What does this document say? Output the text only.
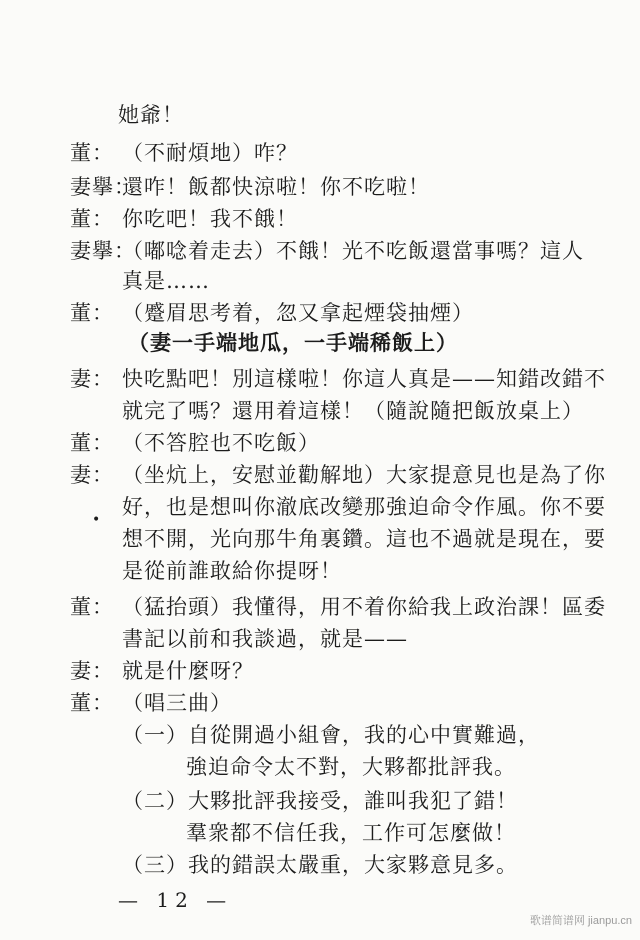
她爺！
董： （不耐煩地）咋？
妻擧：還咋！飯都快涼啦！你不吃啦！
董： 你吃吧！我不餓！
妻擧：（嘟唸着走去）不餓！光不吃飯還當事嗎？這人
真是……
董： （蹙眉思考着，忽又拿起煙袋抽煙）
（妻一手端地瓜，一手端稀飯上）
妻： 快吃點吧！別這樣啦！你這人真是——知錯改錯不
就完了嗎？還用着這樣！（隨說隨把飯放桌上）
董： （不答腔也不吃飯）
妻： （坐炕上，安慰並勸解地）大家提意見也是為了你
好，也是想叫你澈底改變那強迫命令作風。你不要
想不開，光向那牛角裏鑽。這也不過就是現在，要
是從前誰敢給你提呀！
董： （猛抬頭）我懂得，用不着你給我上政治課！區委
書記以前和我談過，就是——
妻： 就是什麼呀？
董： （唱三曲）
（一）自從開過小組會，我的心中實難過，
強迫命令太不對，大夥都批評我。
（二）大夥批評我接受，誰叫我犯了錯！
羣衆都不信任我，工作可怎麼做！
（三）我的錯誤太嚴重，大家夥意見多。
•
— 12 —
歌谱简谱网 jianpu.cn
